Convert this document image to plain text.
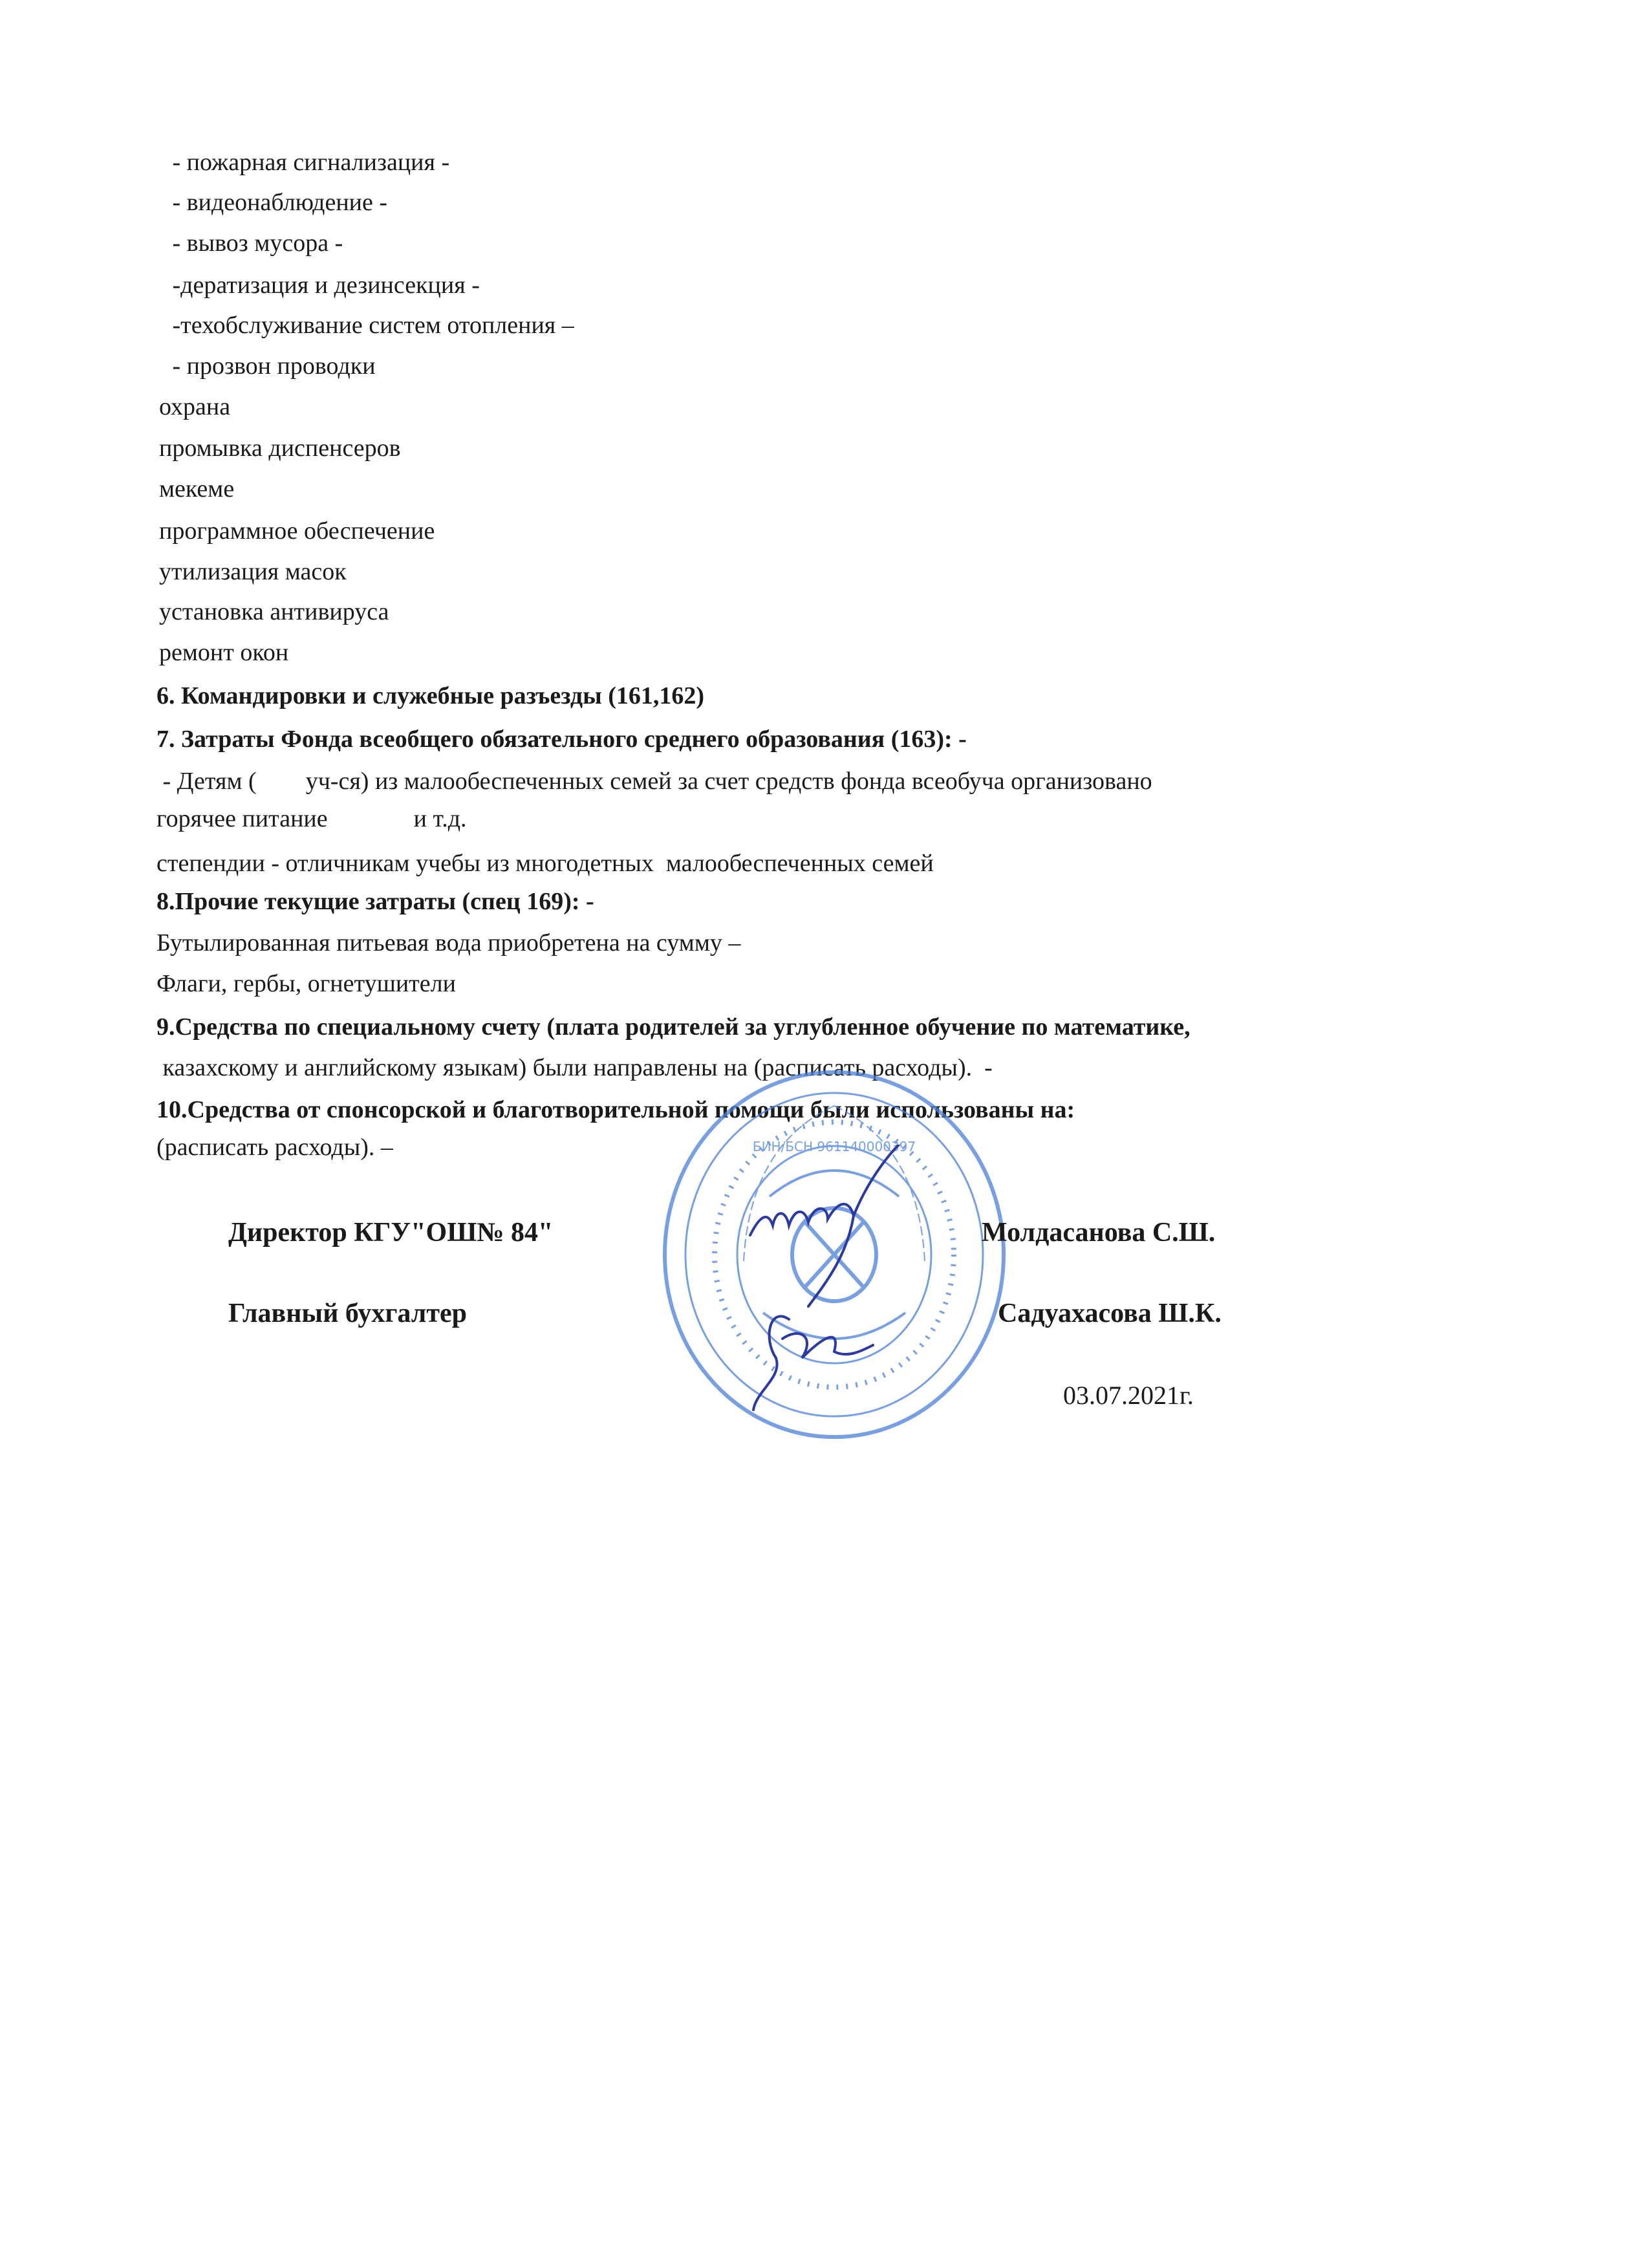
- пожарная сигнализация -
- видеонаблюдение -
- вывоз мусора -
-дератизация и дезинсекция -
-техобслуживание систем отопления –
- прозвон проводки
охрана
промывка диспенсеров
мекеме
программное обеспечение
утилизация масок
установка антивируса
ремонт окон
6. Командировки и служебные разъезды (161,162)
7. Затраты Фонда всеобщего обязательного среднего образования (163): -
- Детям (        уч-ся) из малообеспеченных семей за счет средств фонда всеобуча организовано
горячее питание              и т.д.
степендии - отличникам учебы из многодетных  малообеспеченных семей
8.Прочие текущие затраты (спец 169): -
Бутылированная питьевая вода приобретена на сумму –
Флаги, гербы, огнетушители
9.Средства по специальному счету (плата родителей за углубленное обучение по математике,
казахскому и английскому языкам) были направлены на (расписать расходы).  -
10.Средства от спонсорской и благотворительной помощи были использованы на:
(расписать расходы). –	БИН/БСН 961140000397
Директор КГУ"ОШ№ 84"	Молдасанова С.Ш.
Главный бухгалтер	Садуахасова Ш.К.
03.07.2021г.
